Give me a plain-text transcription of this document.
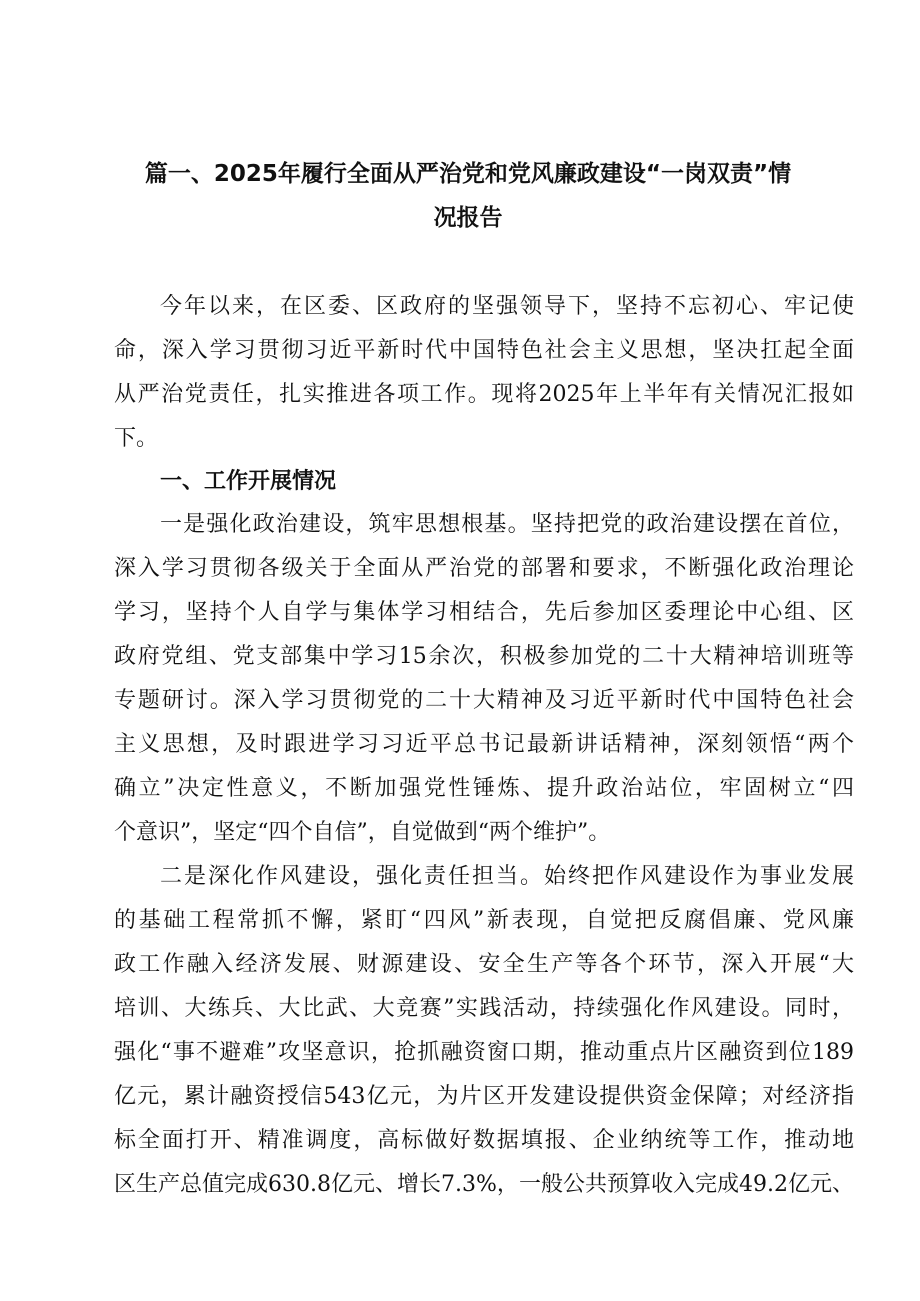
篇一、2025年履行全面从严治党和党风廉政建设“一岗双责”情
况报告

今年以来，在区委、区政府的坚强领导下，坚持不忘初心、牢记使

命，深入学习贯彻习近平新时代中国特色社会主义思想，坚决扛起全面

从严治党责任，扎实推进各项工作。现将2025年上半年有关情况汇报如

下。

一、工作开展情况

一是强化政治建设，筑牢思想根基。坚持把党的政治建设摆在首位，

深入学习贯彻各级关于全面从严治党的部署和要求，不断强化政治理论

学习，坚持个人自学与集体学习相结合，先后参加区委理论中心组、区

政府党组、党支部集中学习15余次，积极参加党的二十大精神培训班等

专题研讨。深入学习贯彻党的二十大精神及习近平新时代中国特色社会

主义思想，及时跟进学习习近平总书记最新讲话精神，深刻领悟“两个

确立”决定性意义，不断加强党性锤炼、提升政治站位，牢固树立“四

个意识”，坚定“四个自信”，自觉做到“两个维护”。

二是深化作风建设，强化责任担当。始终把作风建设作为事业发展

的基础工程常抓不懈，紧盯“四风”新表现，自觉把反腐倡廉、党风廉

政工作融入经济发展、财源建设、安全生产等各个环节，深入开展“大

培训、大练兵、大比武、大竞赛”实践活动，持续强化作风建设。同时，

强化“事不避难”攻坚意识，抢抓融资窗口期，推动重点片区融资到位189

亿元，累计融资授信543亿元，为片区开发建设提供资金保障；对经济指

标全面打开、精准调度，高标做好数据填报、企业纳统等工作，推动地

区生产总值完成630.8亿元、增长7.3%，一般公共预算收入完成49.2亿元、
